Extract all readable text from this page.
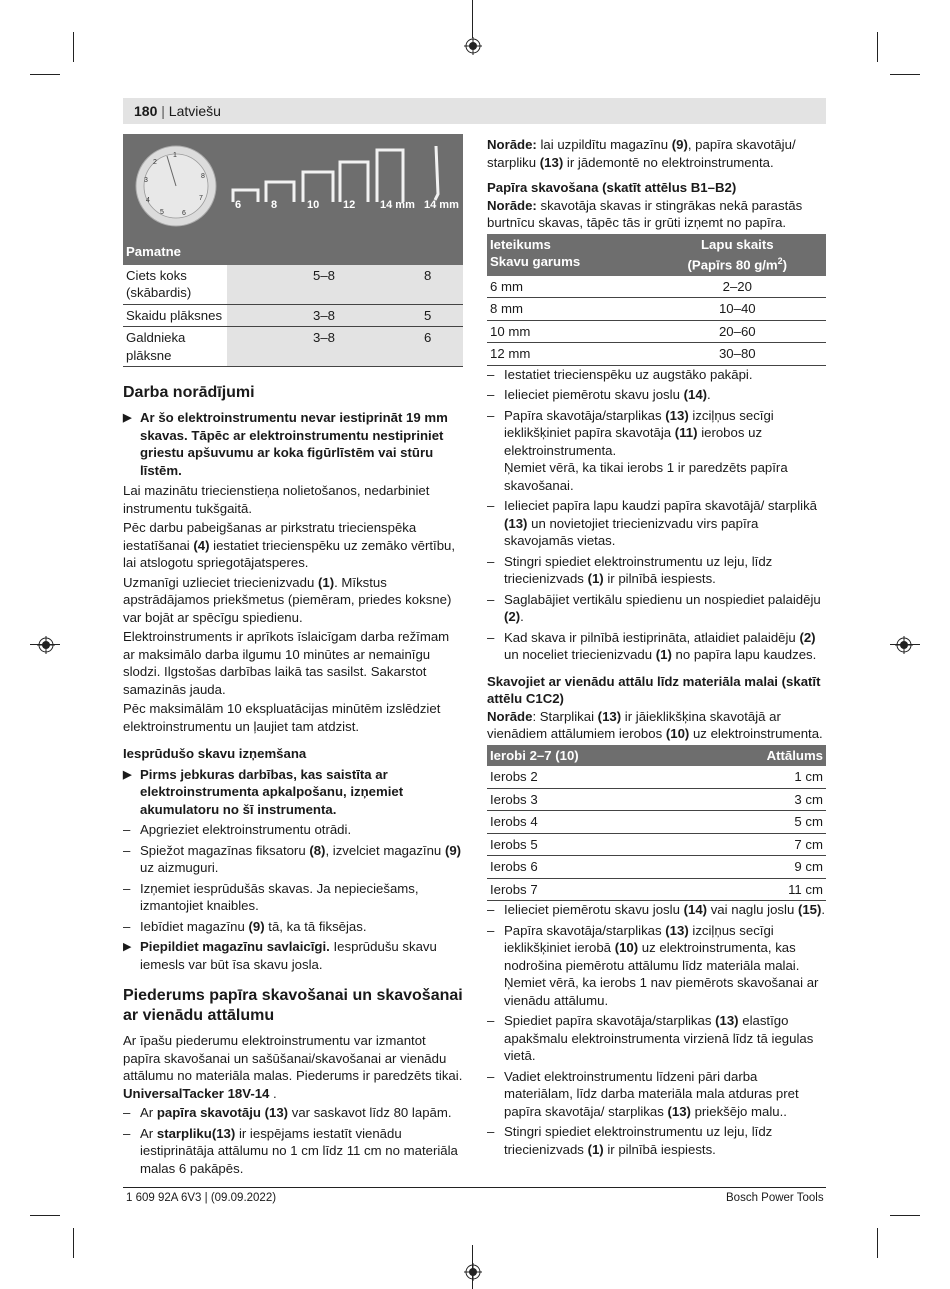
180 | Latviešu
1
2
3
4
5	6
7
8
6	8	10 12 14 mm 14 mm
Pamatne		
Ciets koks (skābardis)	5–8	8
Skaidu plāksnes	3–8	5
Galdnieka plāksne	3–8	6
Darba norādījumi
▶ Ar šo elektroinstrumentu nevar iestiprināt 19 mm skavas. Tāpēc ar elektroinstrumentu nestipriniet griestu apšuvumu ar koka figūrlīstēm vai stūru līstēm.

Lai mazinātu triecienstieņa nolietošanos, nedarbiniet instrumentu tukšgaitā.

Pēc darbu pabeigšanas ar pirkstratu triecienspēka iestatīšanai (4) iestatiet triecienspēku uz zemāko vērtību, lai atslogotu spriegotājatsperes.

Uzmanīgi uzlieciet triecienizvadu (1). Mīkstus apstrādājamos priekšmetus (piemēram, priedes koksne) var bojāt ar spēcīgu spiedienu.

Elektroinstruments ir aprīkots īslaicīgam darba režīmam ar maksimālo darba ilgumu 10 minūtes ar nemainīgu slodzi. Ilgstošas darbības laikā tas sasilst. Sakarstot samazinās jauda.

Pēc maksimālām 10 ekspluatācijas minūtēm izslēdziet elektroinstrumentu un ļaujiet tam atdzist.

Iesprūdušo skavu izņemšana
▶ Pirms jebkuras darbības, kas saistīta ar elektroinstrumenta apkalpošanu, izņemiet akumulatoru no šī instrumenta.
– Apgrieziet elektroinstrumentu otrādi.
– Spiežot magazīnas fiksatoru (8), izvelciet magazīnu (9) uz aizmuguri.
– Izņemiet iesprūdušās skavas. Ja nepieciešams, izmantojiet knaibles.
– Iebīdiet magazīnu (9) tā, ka tā fiksējas.
▶ Piepildiet magazīnu savlaicīgi. Iesprūdušu skavu iemesls var būt īsa skavu josla.
Piederums papīra skavošanai un skavošanai ar vienādu attālumu

Ar īpašu piederumu elektroinstrumentu var izmantot papīra skavošanai un sašūšanai/skavošanai ar vienādu attālumu no materiāla malas. Piederums ir paredzēts tikai. UniversalTacker 18V-14 .

– Ar papīra skavotāju (13) var saskavot līdz 80 lapām.
– Ar starpliku(13) ir iespējams iestatīt vienādu iestiprinātāja attālumu no 1 cm līdz 11 cm no materiāla malas 6 pakāpēs.

Norāde: lai uzpildītu magazīnu (9), papīra skavotāju/ starpliku (13) ir jādemontē no elektroinstrumenta.

Papīra skavošana (skatīt attēlus B1–B2)

Norāde: skavotāja skavas ir stingrākas nekā parastās burtnīcu skavas, tāpēc tās ir grūti izņemt no papīra.

Ieteikums
Skavu garums	Lapu skaits
(Papīrs 80 $g/m^2$)
6 mm	2–20
8 mm	10–40
10 mm	20–60
12 mm	30–80
– Iestatiet triecienspēku uz augstāko pakāpi.
– Ielieciet piemērotu skavu joslu (14).
– Papīra skavotāja/starplikas (13) izciļņus secīgi ieklikšķiniet papīra skavotāja (11) ierobos uz elektroinstrumenta.
Ņemiet vērā, ka tikai ierobs 1 ir paredzēts papīra skavošanai.
– Ielieciet papīra lapu kaudzi papīra skavotājā/ starplikā (13) un novietojiet triecienizvadu virs papīra skavojamās vietas.
– Stingri spiediet elektroinstrumentu uz leju, līdz triecienizvads (1) ir pilnībā iespiests.
– Saglabājiet vertikālu spiedienu un nospiediet palaidēju (2).
– Kad skava ir pilnībā iestiprināta, atlaidiet palaidēju (2) un noceliet triecienizvadu (1) no papīra lapu kaudzes.
Skavojiet ar vienādu attālu līdz materiāla malai (skatīt attēlu C1C2)

Norāde: Starplikai (13) ir jāieklikšķina skavotājā ar vienādiem attālumiem ierobos (10) uz elektroinstrumenta.

Ierobi 2–7 (10)	Attālums
Ierobs 2	1 cm
Ierobs 3	3 cm
Ierobs 4	5 cm
Ierobs 5	7 cm
Ierobs 6	9 cm
Ierobs 7	11 cm
– Ielieciet piemērotu skavu joslu (14) vai naglu joslu (15).
– Papīra skavotāja/starplikas (13) izciļņus secīgi ieklikšķiniet ierobā (10) uz elektroinstrumenta, kas nodrošina piemērotu attālumu līdz materiāla malai.
Ņemiet vērā, ka ierobs 1 nav piemērots skavošanai ar vienādu attālumu.
– Spiediet papīra skavotāja/starplikas (13) elastīgo apakšmalu elektroinstrumenta virzienā līdz tā iegulas vietā.
– Vadiet elektroinstrumentu līdzeni pāri darba materiālam, līdz darba materiāla mala atduras pret papīra skavotāja/ starplikas (13) priekšējo malu..
– Stingri spiediet elektroinstrumentu uz leju, līdz triecienizvads (1) ir pilnībā iespiests.
1 609 92A 6V3 | (09.09.2022)	Bosch Power Tools
